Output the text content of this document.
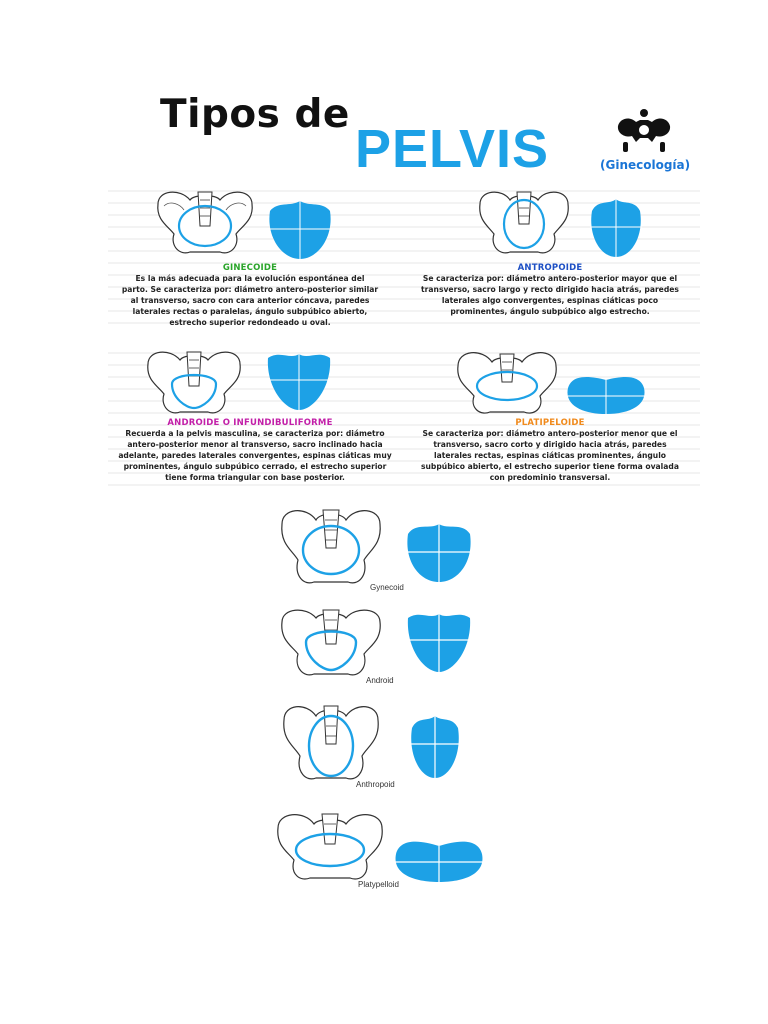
Tipos de
PELVIS	(Ginecología)
GINECOIDE
Es la más adecuada para la evolución espontánea del
parto. Se caracteriza por: diámetro antero-posterior similar
al transverso, sacro con cara anterior cóncava, paredes
laterales rectas o paralelas, ángulo subpúbico abierto,
estrecho superior redondeado u oval.
ANTROPOIDE
Se caracteriza por: diámetro antero-posterior mayor que el
transverso, sacro largo y recto dirigido hacia atrás, paredes
laterales algo convergentes, espinas ciáticas poco
prominentes, ángulo subpúbico algo estrecho.
ANDROIDE O INFUNDIBULIFORME
Recuerda a la pelvis masculina, se caracteriza por: diámetro
antero-posterior menor al transverso, sacro inclinado hacia
adelante, paredes laterales convergentes, espinas ciáticas muy
prominentes, ángulo subpúbico cerrado, el estrecho superior
tiene forma triangular con base posterior.
PLATIPELOIDE
Se caracteriza por: diámetro antero-posterior menor que el
transverso, sacro corto y dirigido hacia atrás, paredes
laterales rectas, espinas ciáticas prominentes, ángulo
subpúbico abierto, el estrecho superior tiene forma ovalada
con predominio transversal.
Gynecoid
Android
Anthropoid
Platypelloid
